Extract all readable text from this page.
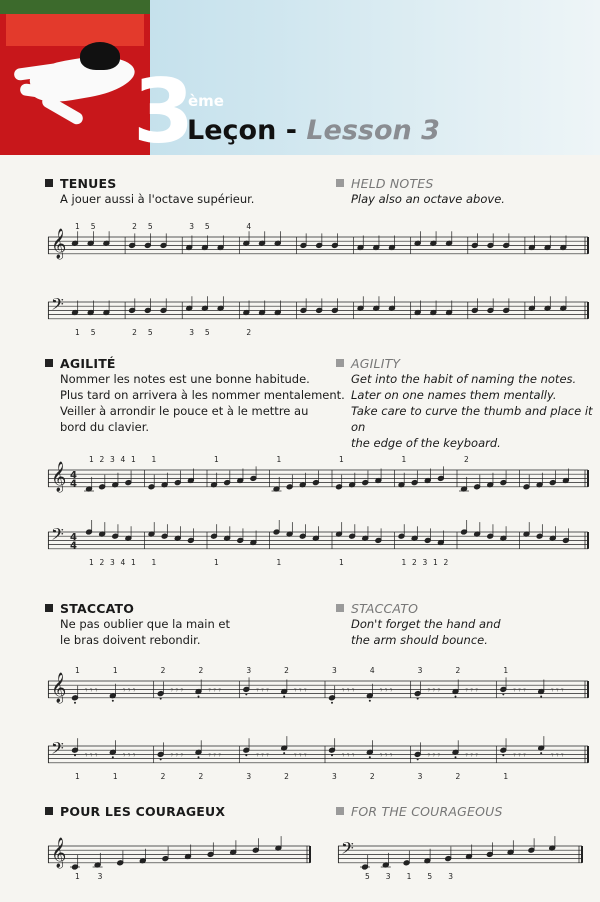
3
ème
Leçon - Lesson 3
TENUES
A jouer aussi à l'octave supérieur.
HELD NOTES
Play also an octave above.
AGILITÉ
Nommer les notes est une bonne habitude.
Plus tard on arrivera à les nommer mentalement.
Veiller à arrondir le pouce et à le mettre au
bord du clavier.
AGILITY
Get into the habit of naming the notes.
Later on one names them mentally.
Take care to curve the thumb and place it on
the edge of the keyboard.
STACCATO
Ne pas oublier que la main et
le bras doivent rebondir.
STACCATO
Don't forget the hand and
the arm should bounce.
POUR LES COURAGEUX	FOR THE COURAGEOUS
𝄞
1 5	2 5	3 5	4
𝄢
1 5	2 5	3 5	2
𝄞 4
4
1 2 3 4 1 1	1	1	1	1	2
𝄢 4
4
1 2 3 4 1 1	1	1	1	1 2 3 1 2
𝄞 𝄾 𝄾 𝄾	𝄾 𝄾 𝄾
1	1
𝄾 𝄾 𝄾	𝄾 𝄾 𝄾
2	2
𝄾 𝄾 𝄾	𝄾 𝄾 𝄾
3	2
𝄾 𝄾 𝄾	𝄾 𝄾 𝄾
3	4
𝄾 𝄾 𝄾	𝄾 𝄾 𝄾
3	2
𝄾 𝄾 𝄾	𝄾 𝄾 𝄾
1
𝄢 𝄾 𝄾 𝄾	𝄾 𝄾 𝄾
1	1
𝄾 𝄾 𝄾	𝄾 𝄾 𝄾
2	2
𝄾 𝄾 𝄾	𝄾 𝄾 𝄾
3	2
𝄾 𝄾 𝄾	𝄾 𝄾 𝄾
3	2
𝄾 𝄾 𝄾	𝄾 𝄾 𝄾
3	2
𝄾 𝄾 𝄾	𝄾 𝄾 𝄾
1
𝄞
1 3
𝄢
5 3 1 5 3
